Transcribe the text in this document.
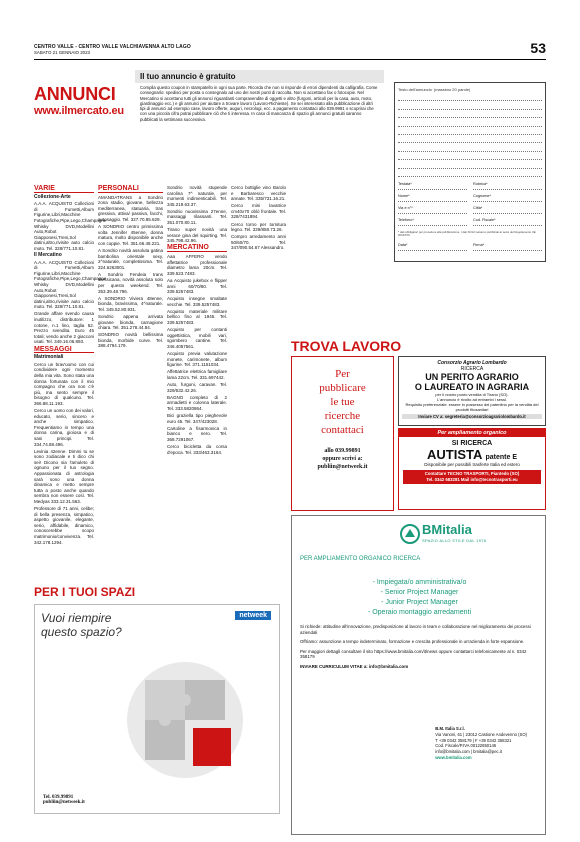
CENTRO VALLE - CENTRO VALLE VALCHIAVENNA ALTO LAGO
SABATO 21 GENNAIO 2023	53
ANNUNCI
www.ilmercato.eu
Il tuo annuncio è gratuito
Compila questo coupon in stampatello in ogni sua parte. Ricorda che non si risponde di errori dipendenti da calligrafia. Come consegnarlo: spedisci per posta o consegnalo ad uno dei nostri punti di raccolta. Non si accettano fax o fotocopie. Nel Mercatino si accettano tutti gli annunci riguardanti compravendite di oggetti e altro (furgoni, articoli per la casa, auto, moto, giardinaggio ecc.) e gli annunci per aiutare a trovare lavoro (Lavoro-Richieste). Se sei interessato alla pubblicazione di altri tipi di annunci ad esempio case, lavoro offerte, auguri, necrologi, ecc. a pagamento contattaci allo 039.9991 o scoprirai che con una piccola cifra potrai pubblicare ciò che ti interessa. In caso di mancanza di spazio gli annunci gratuiti saranno pubblicati la settimana successiva.
Testo dell'annuncio (massimo 20 parole)
Testata*	Rubrica*
Nome*	Cognome*
Via e n°*	Città*
Telefono*	Cod. Fiscale*
* dati obbligatori per procedere alla pubblicazione. I dati SOLO saranno pubblicati ai sensi del Regolamento UE 2016/679.
Data*	Firma*
VARIE
Collezione-Arte

A.A.A. ACQUISTO Collezioni di Fumetti,Album Figurine,Libri,Macchine Fotografiche,Pipe,Lego,Champagne Whisky DVD,Modellini Auto,Robot Giapponesi,Treni,Sol datini,altro,rivisite auto calcio moto. Tel. 328/771.10.81.

Il Mercatino

A.A.A. ACQUISTO Collezioni di Fumetti,Album Figurine,Libri,Macchine Fotografiche,Pipe,Lego,Champagne Whisky DVD,Modellini Auto,Robot Giapponesi,Treni,Sol datini,altro,rivisite auto calcio moto. Tel. 328/771.10.81.

Grande affare svendo causa inutilizzo, distributore: 1 cotone, n.1 lino, taglia 52. Prezzo svendita. Euro 45 totali; vendo anche 2 giacconi usati. Tel. 349.16.06.893.

MESSAGGI
Matrimoniali

Cerco un brav'uomo con cui condividere ogni momento della mia vita. Sono stata una donna fortunata con il mio compagno che ora non c'è più, ma sento sempre il bisogno di qualcuno. Tel. 366.88.11.193.

Cerco un uomo con dei valori, educato, serio, sincero e anche simpatico. Frequentiamo in tempo una donna carina, gioiosa e di sani principi. Tel. 334.74.88.496.

Levinia 42enne. Dimmi tu se sono zodiacale e ti dico chi sei! Dicono sia l'amuleto di ognuno per il tuo segno. Appassionata di astrologia sarà sono una donna dinamica e metto sempre tutta a posto anche quando sembra non essere così. Tel. Medyas 333.12.31.563.

Professore di 71 anni, celibe; di bella presenza, simpatico, aspetto giovanile, elegante, serio, affidabile, dinamico, conoscerebbe scopo matrimonio/convivenza. Tel. 342.178.1294.

PERSONALI

AMANDATRANS a Sondrio zona stadio, giovane, bellezza mediterranea, statuaria, tras gressiva, attiva/ passiva, facchi, autosaggio. Tel. 327.70.85.629.

A SONDRIO centro primissima volta Jennifer 45enne, donna matura, molto disponibile anche con coppie. Tel. 351.66.48.221.

A Sondrio novità assoluta gatina bambolina orientale sexy, 2^naturale, completissima. Tel. 324.6263001.

A Sondrio Fendeia trans messicana, novità assoluta solo per questo weekend. Tel. 353.39.48.796.

A SONDRIO Viviera 48enne, bionda, bravissima, 4^naturale. Tel. 345.52.80.931.

Sondrio appena arrivata giovane bionda, carnagione chiara. Tel. 351.278.44.84.

SONDRIO novità bellissima bionda, morbide curve. Tel. 388.4794.179.

Sondrio novità stupende carolina 7^ naturale, per momenti indimenticabili. Tel. 345.219.63.37.

Sondrio nuovissima 27enne, massaggi rilassanti. Tel. 351.070.80.11.

Tirano super novità una verace gina del squirting. Tel. 345.798.42.96.

MERCATINO

Aaa AFFERO vendo affettatrice professionale diametro lama 20cm. Tel. 339.523.7483.

Aa Acquisto jukebox e flipper anni 60/70/80. Tel. 339.5257483.

Acquisto insegne smaltate vecchie. Tel. 339.5257483.

Acquisto materiale militare bellico fino al 1945. Tel. 339.5257483.

Acquisto per contanti oggettistica, mobili vari, sgombero cantine. Tel. 346.4057561.

Acquisto previa valutazione monete, carimonete, album figurine. Tel. 371.1151034.

Affettatrice elettrica famigliare lama 22cm. Tel. 331.697442.

Auto, furgoni, caravan. Tel. 329/532.42.26.

BAGNO completo di 2 armadietti e colonna laterale. Tel. 333.5820864.

Bici graziella tipo pieghevole euro 45. Tel. 347/423028.

Cartoline a fisarmonica in bianco e nero. Tel. 368.7291067.

Cerco bicicletta da corsa d'epoca. Tel. 333/463.3164.

Cerco bottiglie vino Barolo e Barbaresco vecchie annate. Tel. 335/731.16.21.

Cerco mini lavatrice cm40x70 oblò frontale. Tel. 328/7431894.

Cerco torno per tornitura legno. Tel. 339/858.73.26.

Compro arredamento anni 50/60/70. Tel. 347/090.54.67 Alessandro.

PER I TUOI SPAZI
Vuoi riempire
questo spazio?
netweek
Tel. 039.99891
publiin@netweek.it
TROVA LAVORO
Per
pubblicare
le tue
ricerche
contattaci
allo 039.99891
oppure scrivi a:
publiin@netweek.it
Consorzio Agrario Lombardo
RICERCA
UN PERITO AGRARIO
O LAUREATO IN AGRARIA
per il nostro punto vendita di Tirano (SO).
L'annuncio è rivolto ad entrambi i sessi.
Requisito preferenziale: essere in possesso del patentino per la vendita dei prodotti fitosanitari
Inviare CV a: segreteria@consorzioagrariolombardo.it
Per ampliamento organico
SI RICERCA
AUTISTA patente E
Disponibile per possibili trasferte Italia ed estero
Contattare TECNO TRASPORTI, Piantedo (SO)
Tel. 0342 683281 Mail info@tecnotrasporti.eu
BMitalia
SPAZIO ALLO STILE DAL 1976
PER AMPLIAMENTO ORGANICO RICERCA
- Impiegata/o amministrativa/o
- Senior Project Manager
- Junior Project Manager
- Operaio montaggio arredamenti

Si richiede: attitudine all'innovazione, predisposizione al lavoro in team e collaborazione nel miglioramento dei processi aziendali

Offriamo: assunzione a tempo indeterminato, formazione e crescita professionale in un'azienda in forte espansione.

Per maggiori dettagli consultare il sito https://www.bmitalia.com/it/news oppure contattarci telefonicamente al n. 0342 358179

INVIARE CURRICULUM VITAE a: info@bmitalia.com

B.M. Italia S.r.l.
Via Vanoni, 61 | 23012 Castione Andevenno (SO)
T +39 0342 358179 | F +39 0342 358321
Cod. Fiscale/P.IVA 00122650146
info@bmitalia.com | bmitalia@pec.it
www.bmitalia.com
